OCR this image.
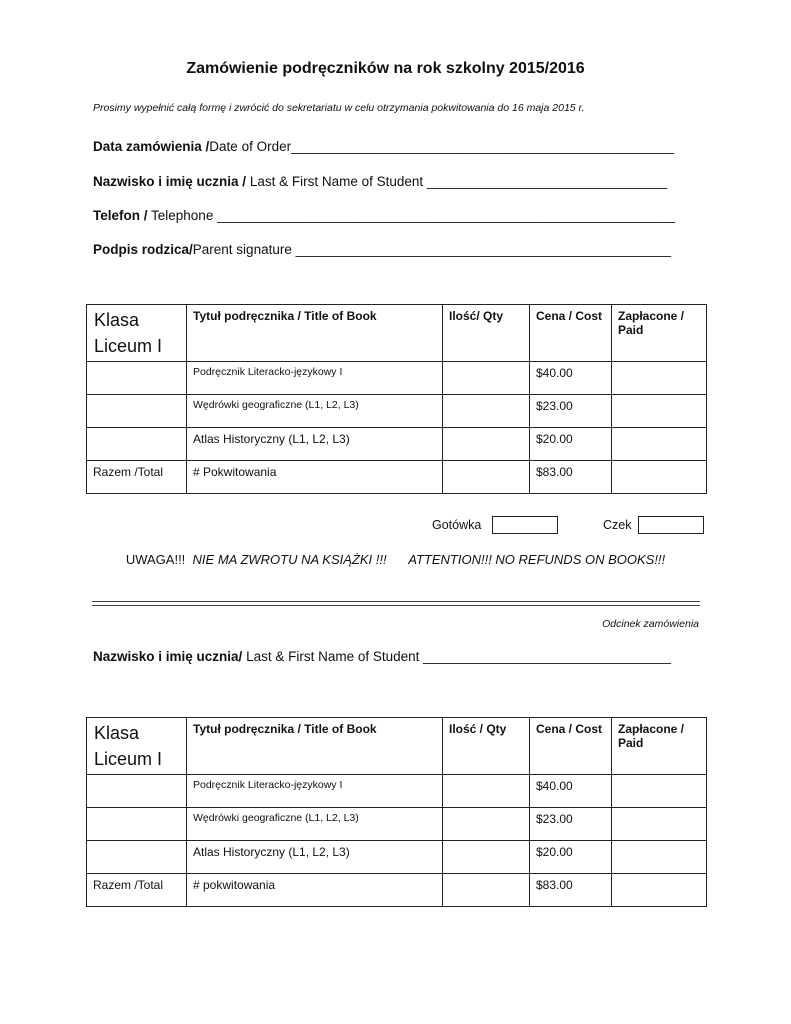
Zamówienie podręczników na rok szkolny 2015/2016
Prosimy wypełnić całą formę i zwrócić do sekretariatu w celu otrzymania pokwitowania do 16 maja 2015 r.
Data zamówienia /Date of Order___________________________________________________
Nazwisko i imię ucznia / Last & First Name of Student ________________________________
Telefon / Telephone _____________________________________________________________
Podpis rodzica/Parent signature __________________________________________________
Klasa
Liceum I	Tytuł podręcznika / Title of Book	Ilość/ Qty	Cena / Cost	Zapłacone / Paid
	Podręcznik Literacko-językowy I		$40.00	
	Wędrówki geograficzne (L1, L2, L3)		$23.00	
	Atlas Historyczny (L1, L2, L3)		$20.00	
Razem /Total	# Pokwitowania		$83.00	
Gotówka	Czek
UWAGA!!! NIE MA ZWROTU NA KSIĄŻKI !!! ATTENTION!!! NO REFUNDS ON BOOKS!!!
Odcinek zamówienia
Nazwisko i imię ucznia/ Last & First Name of Student _________________________________
Klasa
Liceum I	Tytuł podręcznika / Title of Book	Ilość / Qty	Cena / Cost	Zapłacone / Paid
	Podręcznik Literacko-językowy I		$40.00	
	Wędrówki geograficzne (L1, L2, L3)		$23.00	
	Atlas Historyczny (L1, L2, L3)		$20.00	
Razem /Total	# pokwitowania		$83.00	
